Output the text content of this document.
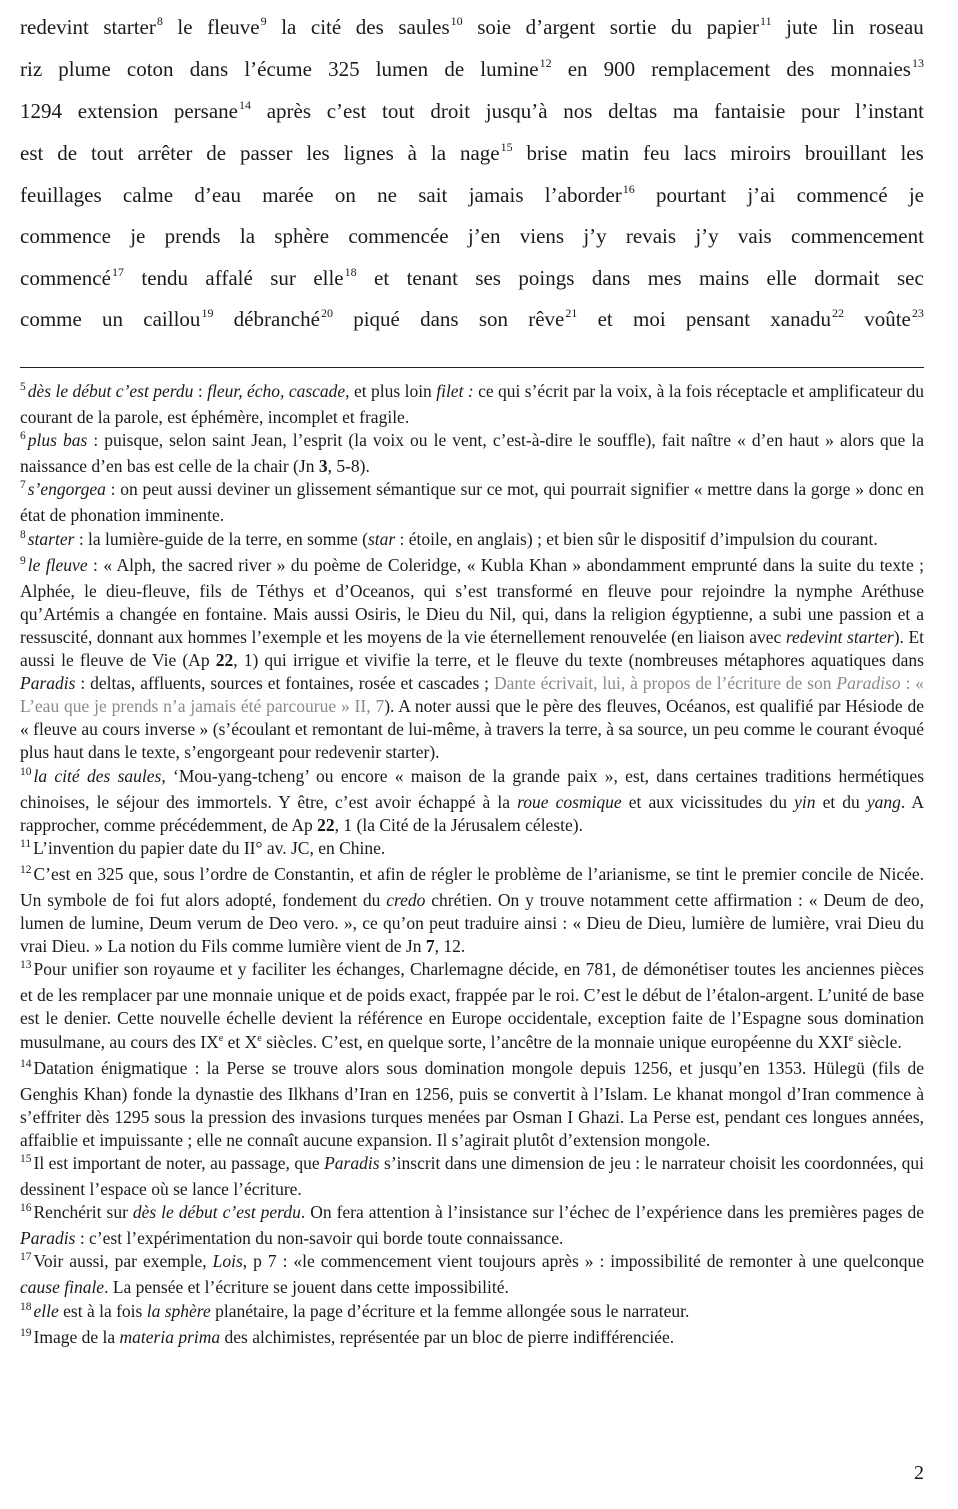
redevint starter$^8$ le fleuve$^9$ la cité des saules$^{10}$ soie d’argent sortie du papier$^{11}$ jute lin roseau
riz plume coton dans l’écume 325 lumen de lumine$^{12}$ en 900 remplacement des monnaies$^{13}$
1294 extension persane$^{14}$ après c’est tout droit jusqu’à nos deltas ma fantaisie pour l’instant
est de tout arrêter de passer les lignes à la nage$^{15}$ brise matin feu lacs miroirs brouillant les
feuillages calme d’eau marée on ne sait jamais l’aborder$^{16}$ pourtant j’ai commencé je
commence je prends la sphère commencée j’en viens j’y revais j’y vais commencement
commencé$^{17}$ tendu affalé sur elle$^{18}$ et tenant ses poings dans mes mains elle dormait sec
comme un caillou$^{19}$ débranché$^{20}$ piqué dans son rêve$^{21}$ et moi pensant xanadu$^{22}$ voûte$^{23}$

$^5$ dès le début c’est perdu : fleur, écho, cascade, et plus loin filet : ce qui s’écrit par la voix, à la fois réceptacle et amplificateur du courant de la parole, est éphémère, incomplet et fragile.

$^6$ plus bas : puisque, selon saint Jean, l’esprit (la voix ou le vent, c’est-à-dire le souffle), fait naître « d’en haut » alors que la naissance d’en bas est celle de la chair (Jn 3, 5-8).

$^7$ s’engorgea : on peut aussi deviner un glissement sémantique sur ce mot, qui pourrait signifier « mettre dans la gorge » donc en état de phonation imminente.

$^8$ starter : la lumière-guide de la terre, en somme (star : étoile, en anglais) ; et bien sûr le dispositif d’impulsion du courant.

$^9$ le fleuve : « Alph, the sacred river » du poème de Coleridge, « Kubla Khan » abondamment emprunté dans la suite du texte ; Alphée, le dieu-fleuve, fils de Téthys et d’Oceanos, qui s’est transformé en fleuve pour rejoindre la nymphe Aréthuse qu’Artémis a changée en fontaine. Mais aussi Osiris, le Dieu du Nil, qui, dans la religion égyptienne, a subi une passion et a ressuscité, donnant aux hommes l’exemple et les moyens de la vie éternellement renouvelée (en liaison avec redevint starter). Et aussi le fleuve de Vie (Ap 22, 1) qui irrigue et vivifie la terre, et le fleuve du texte (nombreuses métaphores aquatiques dans Paradis : deltas, affluents, sources et fontaines, rosée et cascades ; Dante écrivait, lui, à propos de l’écriture de son Paradiso : « L’eau que je prends n’a jamais été parcourue » II, 7). A noter aussi que le père des fleuves, Océanos, est qualifié par Hésiode de « fleuve au cours inverse » (s’écoulant et remontant de lui-même, à travers la terre, à sa source, un peu comme le courant évoqué plus haut dans le texte, s’engorgeant pour redevenir starter).

$^{10}$ la cité des saules, ‘Mou-yang-tcheng’ ou encore « maison de la grande paix », est, dans certaines traditions hermétiques chinoises, le séjour des immortels. Y être, c’est avoir échappé à la roue cosmique et aux vicissitudes du yin et du yang. A rapprocher, comme précédemment, de Ap 22, 1 (la Cité de la Jérusalem céleste).

$^{11}$ L’invention du papier date du II° av. JC, en Chine.

$^{12}$ C’est en 325 que, sous l’ordre de Constantin, et afin de régler le problème de l’arianisme, se tint le premier concile de Nicée. Un symbole de foi fut alors adopté, fondement du credo chrétien. On y trouve notamment cette affirmation : « Deum de deo, lumen de lumine, Deum verum de Deo vero. », ce qu’on peut traduire ainsi : « Dieu de Dieu, lumière de lumière, vrai Dieu du vrai Dieu. » La notion du Fils comme lumière vient de Jn 7, 12.

$^{13}$ Pour unifier son royaume et y faciliter les échanges, Charlemagne décide, en 781, de démonétiser toutes les anciennes pièces et de les remplacer par une monnaie unique et de poids exact, frappée par le roi. C’est le début de l’étalon-argent. L’unité de base est le denier. Cette nouvelle échelle devient la référence en Europe occidentale, exception faite de l’Espagne sous domination musulmane, au cours des IXe et Xe siècles. C’est, en quelque sorte, l’ancêtre de la monnaie unique européenne du XXIe siècle.

$^{14}$ Datation énigmatique : la Perse se trouve alors sous domination mongole depuis 1256, et jusqu’en 1353. Hülegü (fils de Genghis Khan) fonde la dynastie des Ilkhans d’Iran en 1256, puis se convertit à l’Islam. Le khanat mongol d’Iran commence à s’effriter dès 1295 sous la pression des invasions turques menées par Osman I Ghazi. La Perse est, pendant ces longues années, affaiblie et impuissante ; elle ne connaît aucune expansion. Il s’agirait plutôt d’extension mongole.

$^{15}$ Il est important de noter, au passage, que Paradis s’inscrit dans une dimension de jeu : le narrateur choisit les coordonnées, qui dessinent l’espace où se lance l’écriture.

$^{16}$ Renchérit sur dès le début c’est perdu. On fera attention à l’insistance sur l’échec de l’expérience dans les premières pages de Paradis : c’est l’expérimentation du non-savoir qui borde toute connaissance.

$^{17}$ Voir aussi, par exemple, Lois, p 7 : «le commencement vient toujours après » : impossibilité de remonter à une quelconque cause finale. La pensée et l’écriture se jouent dans cette impossibilité.

$^{18}$ elle est à la fois la sphère planétaire, la page d’écriture et la femme allongée sous le narrateur.

$^{19}$ Image de la materia prima des alchimistes, représentée par un bloc de pierre indifférenciée.

2
